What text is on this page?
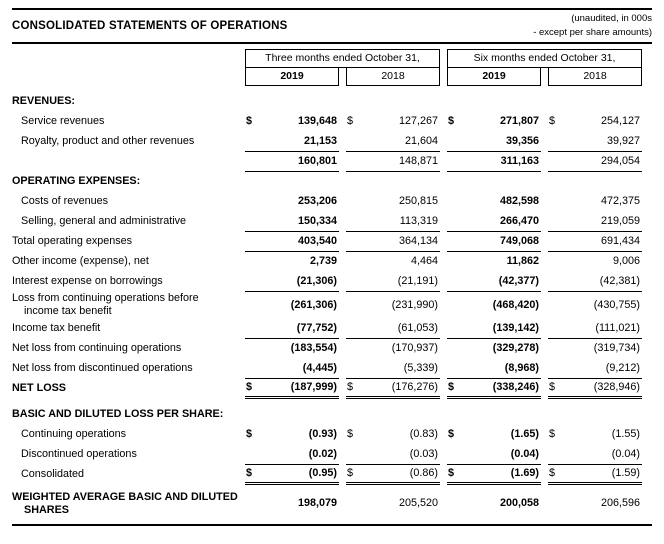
CONSOLIDATED STATEMENTS OF OPERATIONS
(unaudited, in 000s
- except per share amounts)
Three months ended October 31,
2019	2018
Six months ended October 31,
2019	2018
REVENUES:
Service revenues	$	139,648 $	127,267 $	271,807 $	254,127
Royalty, product and other revenues	21,153	21,604	39,356	39,927
160,801	148,871	311,163	294,054
OPERATING EXPENSES:
Costs of revenues	253,206	250,815	482,598	472,375
Selling, general and administrative	150,334	113,319	266,470	219,059
Total operating expenses	403,540	364,134	749,068	691,434
Other income (expense), net	2,739	4,464	11,862	9,006
Interest expense on borrowings	(21,306)	(21,191)	(42,377)	(42,381)
Loss from continuing operations before
income tax benefit
(261,306)	(231,990)	(468,420)	(430,755)
Income tax benefit	(77,752)	(61,053)	(139,142)	(111,021)
Net loss from continuing operations	(183,554)	(170,937)	(329,278)	(319,734)
Net loss from discontinued operations	(4,445)	(5,339)	(8,968)	(9,212)
NET LOSS	$	(187,999) $	(176,276) $	(338,246) $	(328,946)
BASIC AND DILUTED LOSS PER SHARE:
Continuing operations	$	(0.93) $	(0.83) $	(1.65) $	(1.55)
Discontinued operations	(0.02)	(0.03)	(0.04)	(0.04)
Consolidated	$	(0.95) $	(0.86) $	(1.69) $	(1.59)
WEIGHTED AVERAGE BASIC AND DILUTED
SHARES
198,079	205,520	200,058	206,596
